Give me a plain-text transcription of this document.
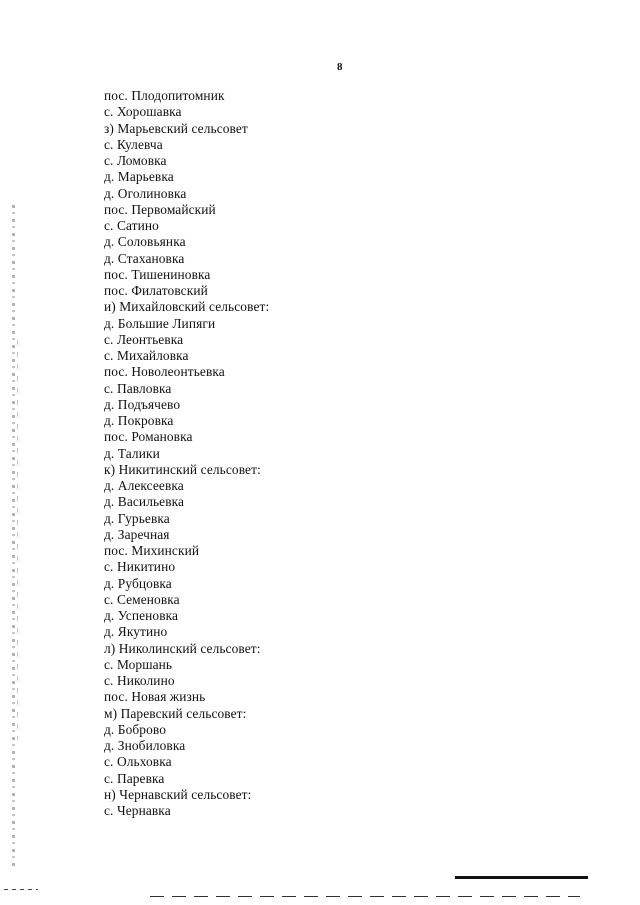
8
пос. Плодопитомник
с. Хорошавка
з) Марьевский сельсовет
с. Кулевча
с. Ломовка
д. Марьевка
д. Оголиновка
пос. Первомайский
с. Сатино
д. Соловьянка
д. Стахановка
пос. Тишениновка
пос. Филатовский
и) Михайловский сельсовет:
д. Большие Липяги
с. Леонтьевка
с. Михайловка
пос. Новолеонтьевка
с. Павловка
д. Подъячево
д. Покровка
пос. Романовка
д. Талики
к) Никитинский сельсовет:
д. Алексеевка
д. Васильевка
д. Гурьевка
д. Заречная
пос. Михинский
с. Никитино
д. Рубцовка
с. Семеновка
д. Успеновка
д. Якутино
л) Николинский сельсовет:
с. Моршань
с. Николино
пос. Новая жизнь
м) Паревский сельсовет:
д. Боброво
д. Знобиловка
с. Ольховка
с. Паревка
н) Чернавский сельсовет:
с. Чернавка
